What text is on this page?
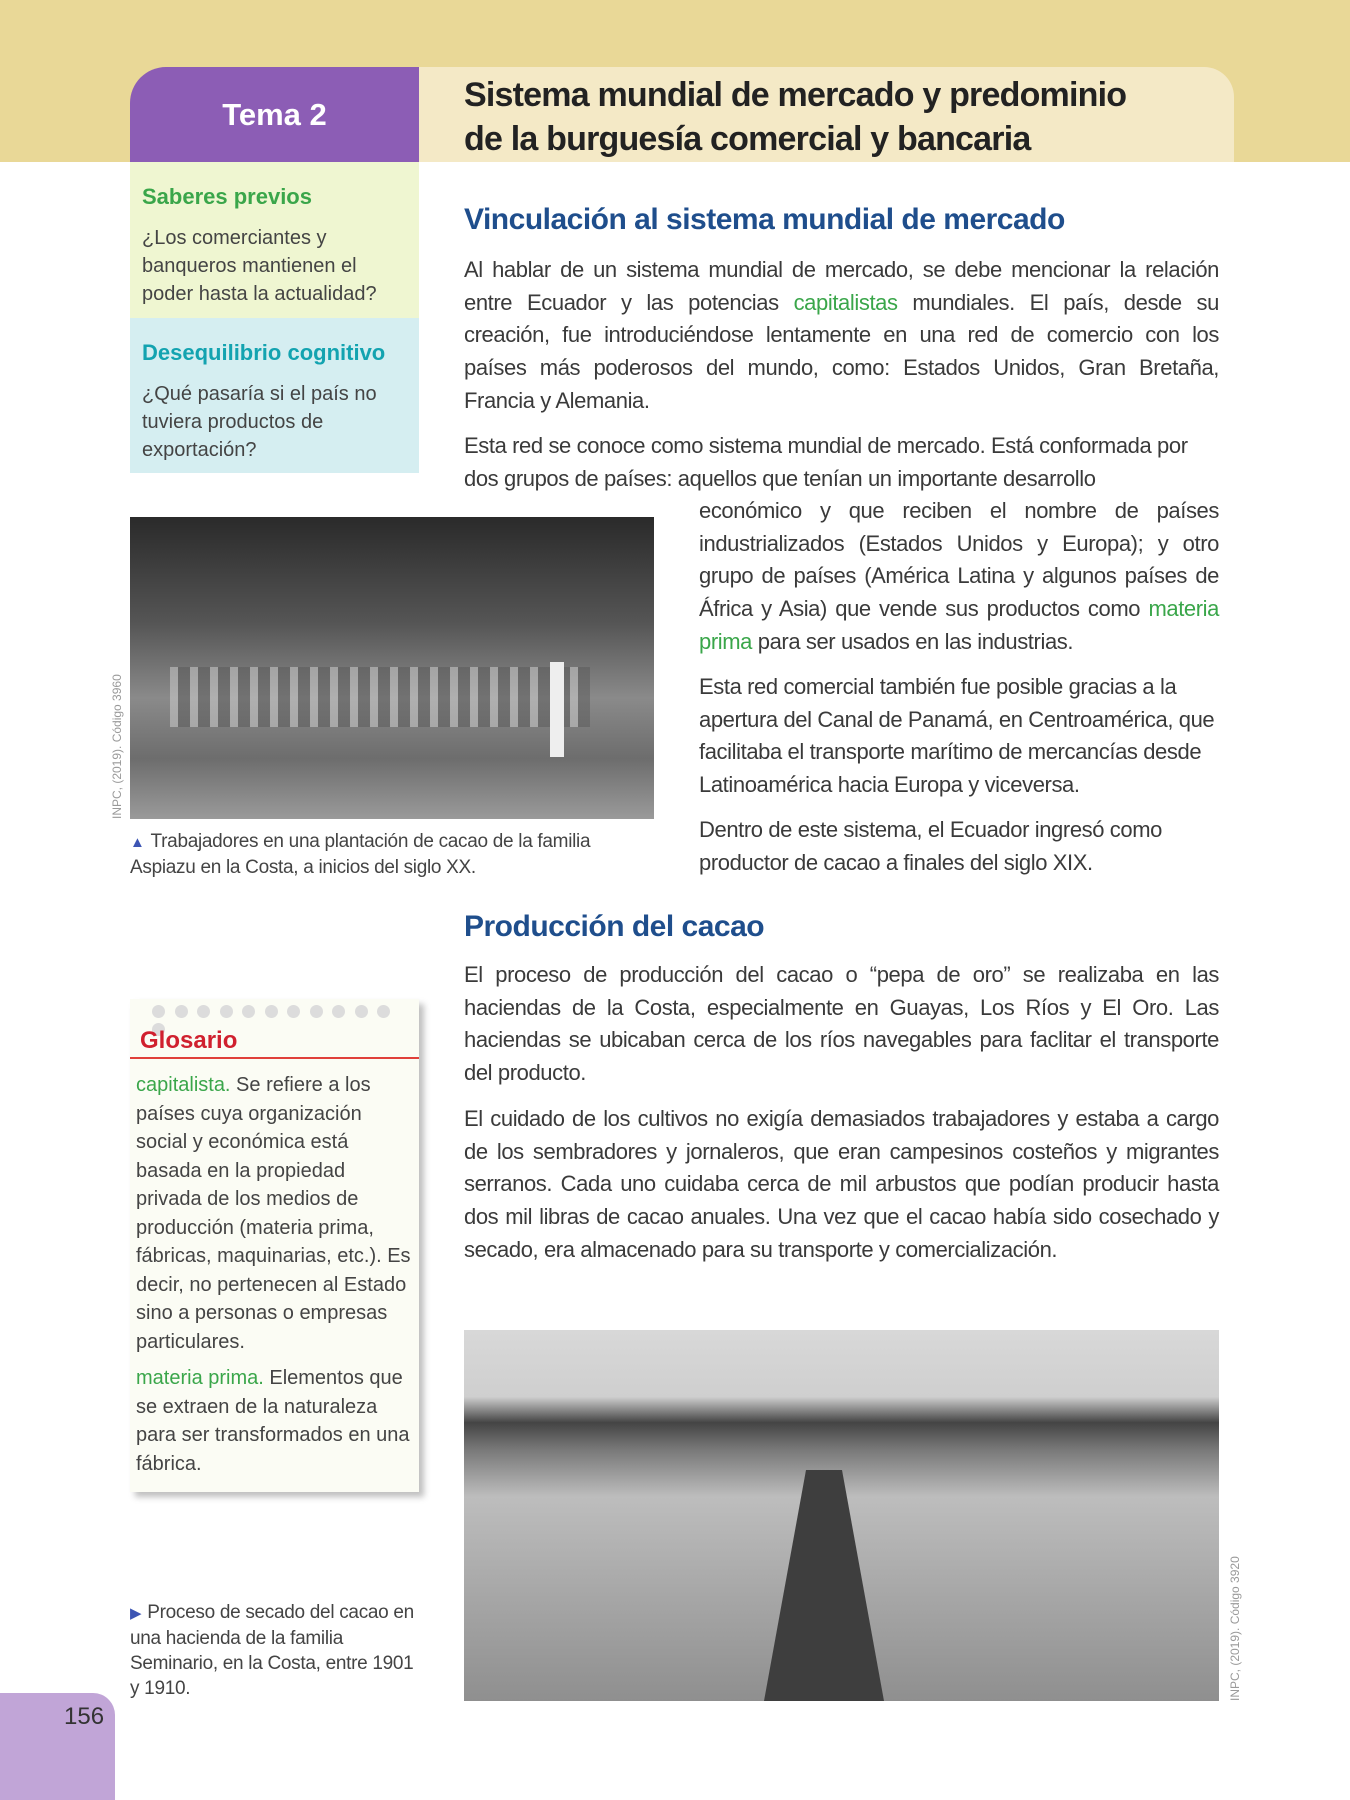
Tema 2	Sistema mundial de mercado y predominio
de la burguesía comercial y bancaria
Saberes previos
¿Los comerciantes y banqueros mantienen el poder hasta la actualidad?
Desequilibrio cognitivo
¿Qué pasaría si el país no tuviera productos de exportación?
Vinculación al sistema mundial de mercado
Al hablar de un sistema mundial de mercado, se debe mencionar la relación entre Ecuador y las potencias capitalistas mundiales. El país, desde su creación, fue introduciéndose lentamente en una red de comercio con los países más poderosos del mundo, como: Estados Unidos, Gran Bretaña, Francia y Alemania.
Esta red se conoce como sistema mundial de mercado. Está conformada por dos grupos de países: aquellos que tenían un importante desarrollo
económico y que reciben el nombre de países industrializados (Estados Unidos y Europa); y otro grupo de países (América Latina y algunos países de África y Asia) que vende sus productos como materia prima para ser usados en las industrias.
Esta red comercial también fue posible gracias a la apertura del Canal de Panamá, en Centroamérica, que facilitaba el transporte marítimo de mercancías desde Latinoamérica hacia Europa y viceversa.
Dentro de este sistema, el Ecuador ingresó como productor de cacao a finales del siglo XIX.
INPC, (2019). Código 3960
▲ Trabajadores en una plantación de cacao de la familia Aspiazu en la Costa, a inicios del siglo XX.
Producción del cacao
El proceso de producción del cacao o “pepa de oro” se realizaba en las haciendas de la Costa, especialmente en Guayas, Los Ríos y El Oro. Las haciendas se ubicaban cerca de los ríos navegables para faclitar el transporte del producto.
El cuidado de los cultivos no exigía demasiados trabajadores y estaba a cargo de los sembradores y jornaleros, que eran campesinos costeños y migrantes serranos. Cada uno cuidaba cerca de mil arbustos que podían producir hasta dos mil libras de cacao anuales. Una vez que el cacao había sido cosechado y secado, era almacenado para su transporte y comercialización.
Glosario
capitalista. Se refiere a los países cuya organización social y económica está basada en la propiedad privada de los medios de producción (materia prima, fábricas, maquinarias, etc.). Es decir, no pertenecen al Estado sino a personas o empresas particulares.
materia prima. Elementos que se extraen de la naturaleza para ser transformados en una fábrica.
INPC, (2019). Código 3920
▶ Proceso de secado del cacao en una hacienda de la familia Seminario, en la Costa, entre 1901 y 1910.
156
